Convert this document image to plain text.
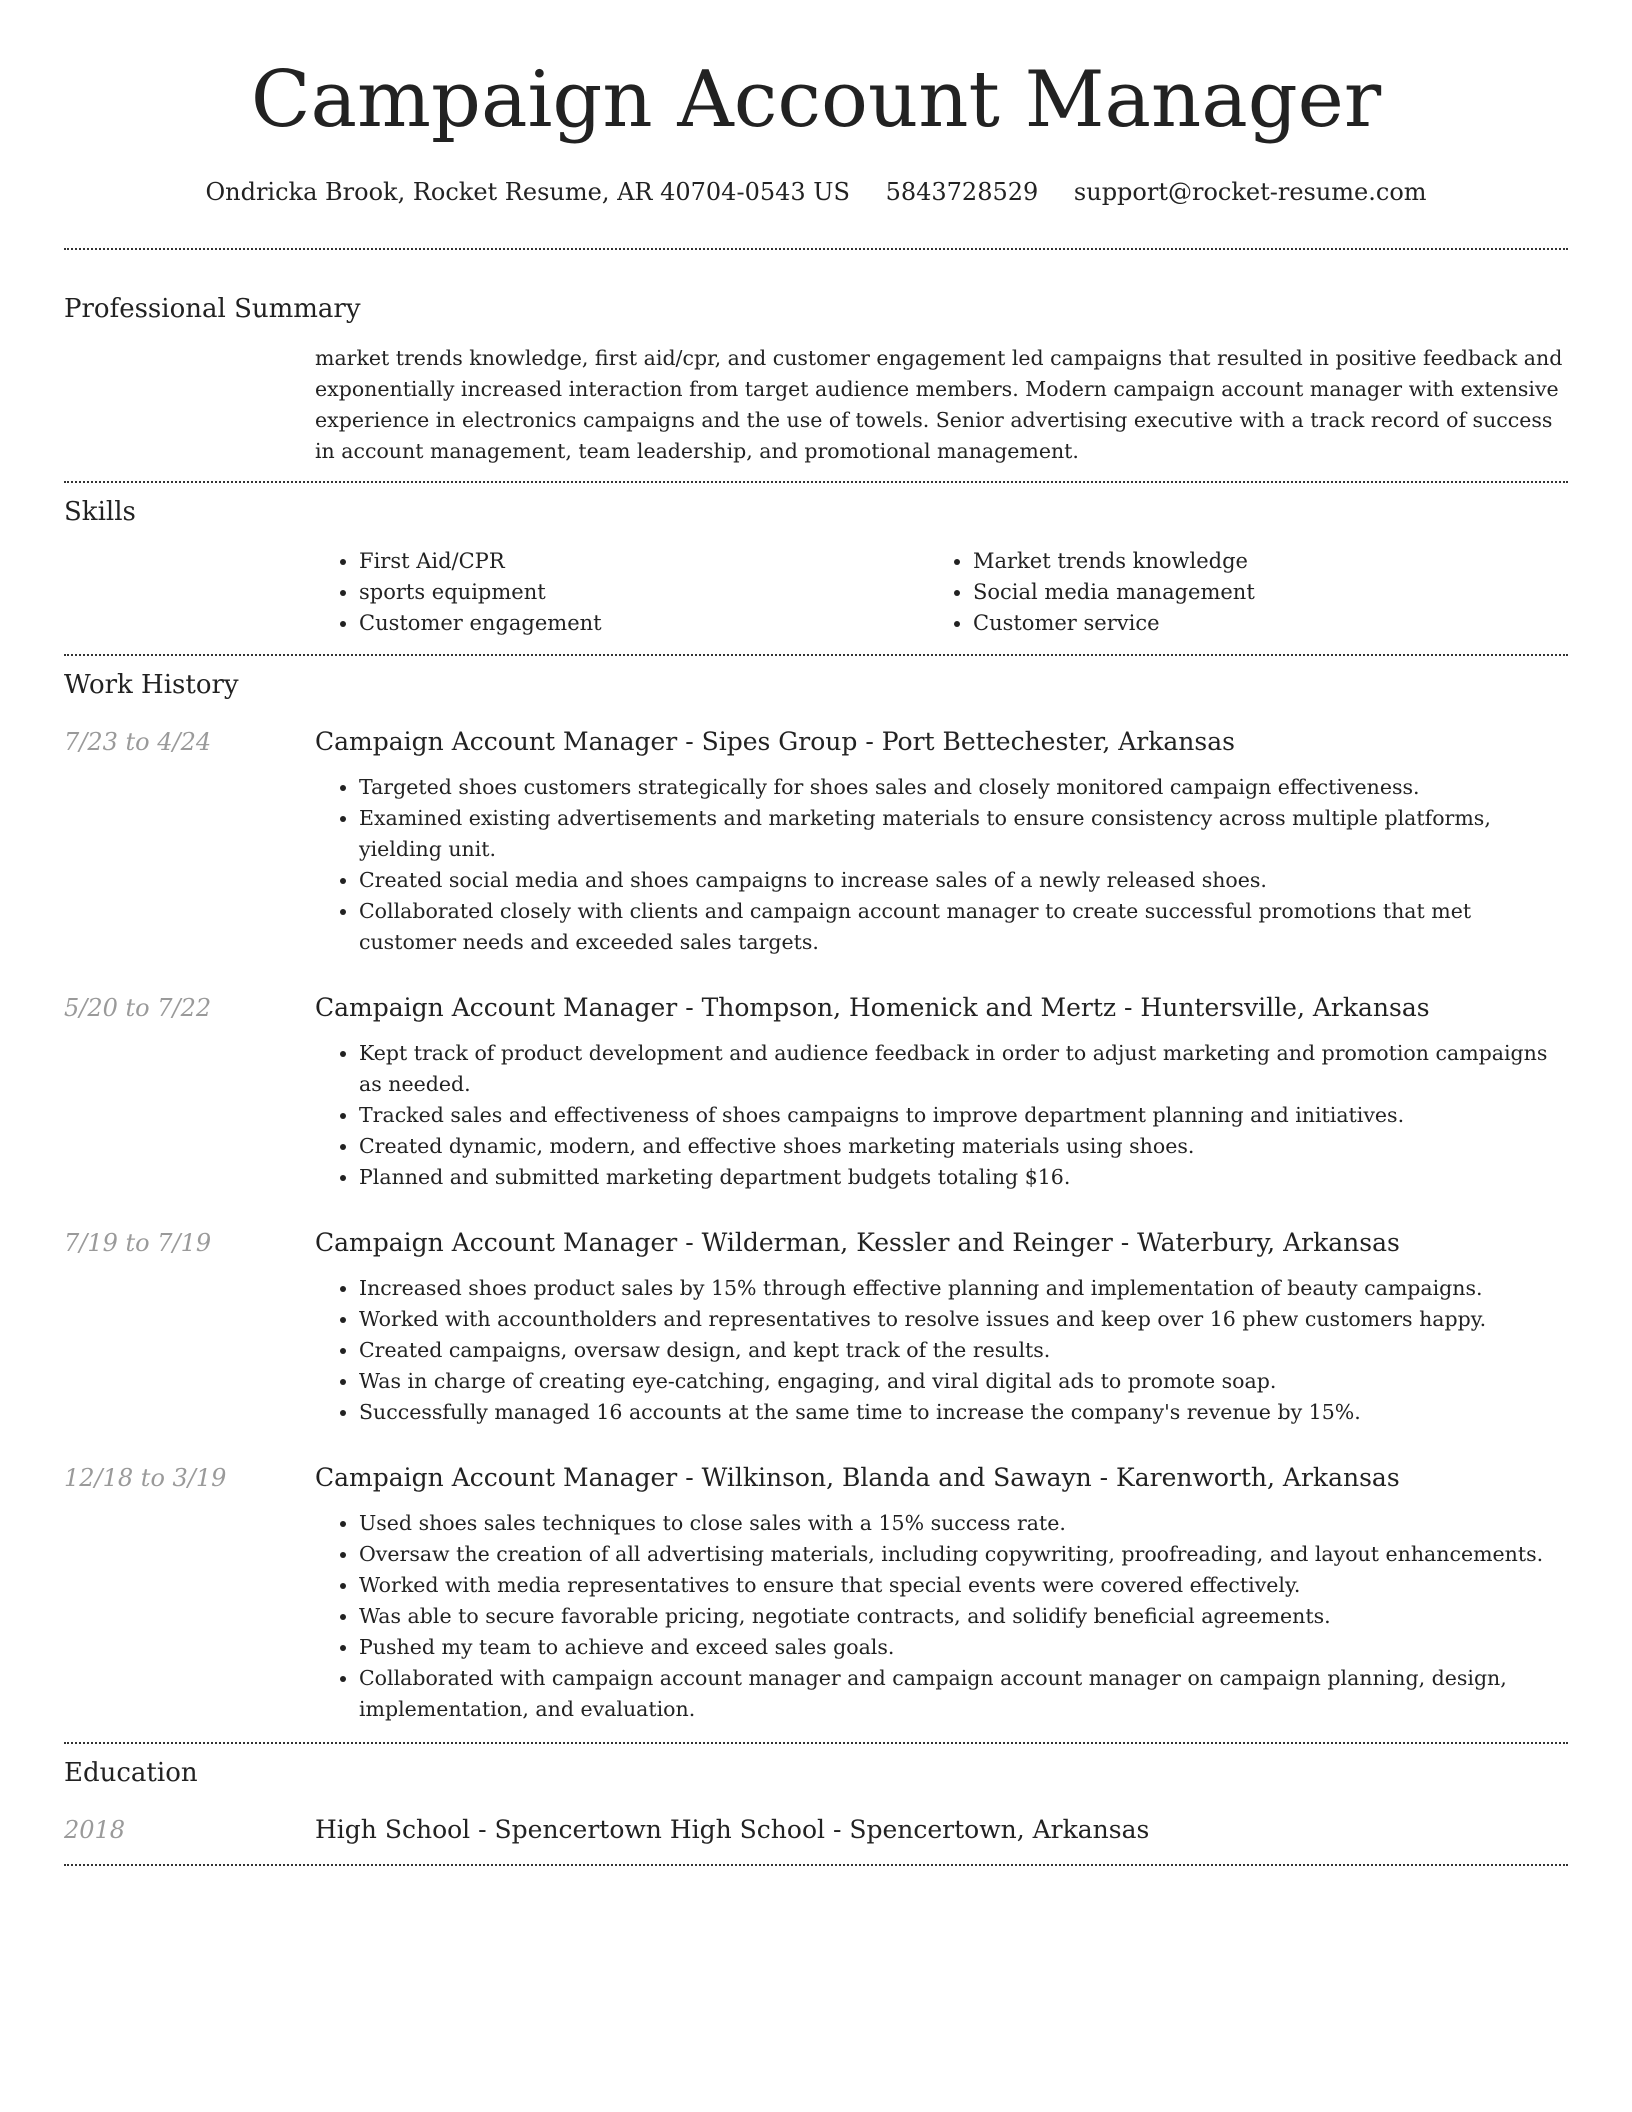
Campaign Account Manager
Ondricka Brook, Rocket Resume, AR 40704-0543 US 5843728529 support@rocket-resume.com
Professional Summary

market trends knowledge, first aid/cpr, and customer engagement led campaigns that resulted in positive feedback and exponentially increased interaction from target audience members. Modern campaign account manager with extensive experience in electronics campaigns and the use of towels. Senior advertising executive with a track record of success in account management, team leadership, and promotional management.

Skills
• First Aid/CPR
• sports equipment
• Customer engagement
• Market trends knowledge
• Social media management
• Customer service
Work History
7/23 to 4/24	Campaign Account Manager - Sipes Group - Port Bettechester, Arkansas
• Targeted shoes customers strategically for shoes sales and closely monitored campaign effectiveness.
• Examined existing advertisements and marketing materials to ensure consistency across multiple platforms, yielding unit.
• Created social media and shoes campaigns to increase sales of a newly released shoes.
• Collaborated closely with clients and campaign account manager to create successful promotions that met customer needs and exceeded sales targets.
5/20 to 7/22	Campaign Account Manager - Thompson, Homenick and Mertz - Huntersville, Arkansas
• Kept track of product development and audience feedback in order to adjust marketing and promotion campaigns as needed.
• Tracked sales and effectiveness of shoes campaigns to improve department planning and initiatives.
• Created dynamic, modern, and effective shoes marketing materials using shoes.
• Planned and submitted marketing department budgets totaling $16.
7/19 to 7/19	Campaign Account Manager - Wilderman, Kessler and Reinger - Waterbury, Arkansas
• Increased shoes product sales by 15% through effective planning and implementation of beauty campaigns.
• Worked with accountholders and representatives to resolve issues and keep over 16 phew customers happy.
• Created campaigns, oversaw design, and kept track of the results.
• Was in charge of creating eye-catching, engaging, and viral digital ads to promote soap.
• Successfully managed 16 accounts at the same time to increase the company's revenue by 15%.
12/18 to 3/19	Campaign Account Manager - Wilkinson, Blanda and Sawayn - Karenworth, Arkansas
• Used shoes sales techniques to close sales with a 15% success rate.
• Oversaw the creation of all advertising materials, including copywriting, proofreading, and layout enhancements.
• Worked with media representatives to ensure that special events were covered effectively.
• Was able to secure favorable pricing, negotiate contracts, and solidify beneficial agreements.
• Pushed my team to achieve and exceed sales goals.
• Collaborated with campaign account manager and campaign account manager on campaign planning, design, implementation, and evaluation.
Education
2018	High School - Spencertown High School - Spencertown, Arkansas
